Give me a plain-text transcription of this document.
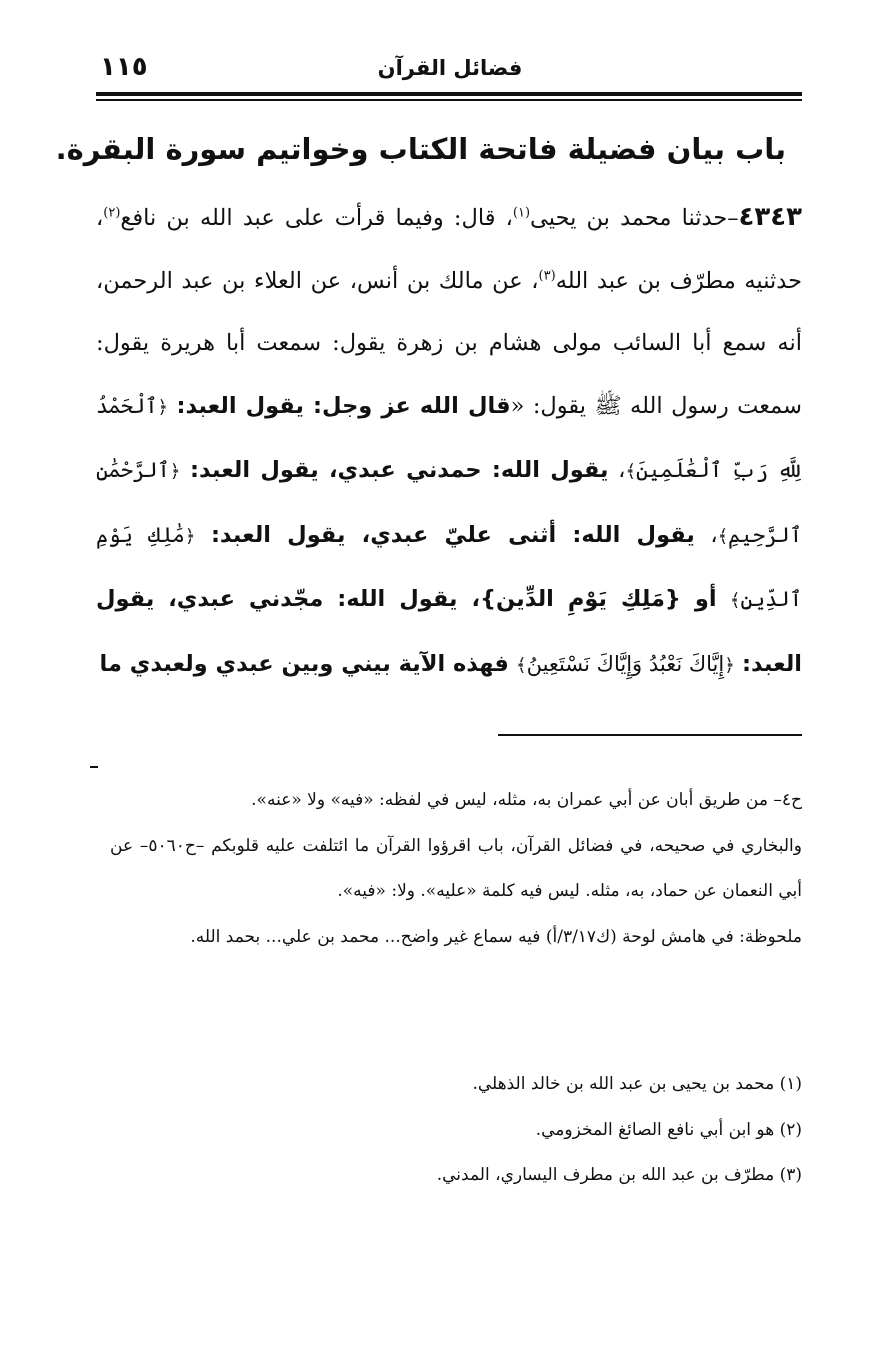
فضائل القرآن
١١٥
باب بيان فضيلة فاتحة الكتاب وخواتيم سورة البقرة.
٤٣٤٣–حدثنا محمد بن يحيى$^{(١)}$، قال: وفيما قرأت على عبد الله بن نافع$^{(٢)}$، حدثنيه مطرّف بن عبد الله$^{(٣)}$، عن مالك بن أنس، عن العلاء بن عبد الرحمن، أنه سمع أبا السائب مولى هشام بن زهرة يقول: سمعت أبا هريرة يقول: سمعت رسول الله ﷺ يقول: «قال الله عز وجل: يقول العبد: ﴿ٱلْحَمْدُ لِلَّهِ رَبِّ ٱلْعَٰلَمِينَ﴾، يقول الله: حمدني عبدي، يقول العبد: ﴿ٱلرَّحْمَٰنِ ٱلرَّحِيمِ﴾، يقول الله: أثنى عليّ عبدي، يقول العبد: ﴿مَٰلِكِ يَوْمِ ٱلدِّينِ﴾ أو {مَلِكِ يَوْمِ الدِّين}، يقول الله: مجّدني عبدي، يقول العبد: ﴿إِيَّاكَ نَعْبُدُ وَإِيَّاكَ نَسْتَعِينُ﴾ فهذه الآية بيني وبين عبدي ولعبدي ما

ح٤– من طريق أبان عن أبي عمران به، مثله، ليس في لفظه: «فيه» ولا «عنه».

والبخاري في صحيحه، في فضائل القرآن، باب اقرؤوا القرآن ما ائتلفت عليه قلوبكم –ح٥٠٦٠– عن أبي النعمان عن حماد، به، مثله. ليس فيه كلمة «عليه». ولا: «فيه».

ملحوظة: في هامش لوحة (ك٣/١٧/أ) فيه سماع غير واضح... محمد بن علي... بحمد الله.

(١) محمد بن يحيى بن عبد الله بن خالد الذهلي.
(٢) هو ابن أبي نافع الصائغ المخزومي.
(٣) مطرّف بن عبد الله بن مطرف اليساري، المدني.
